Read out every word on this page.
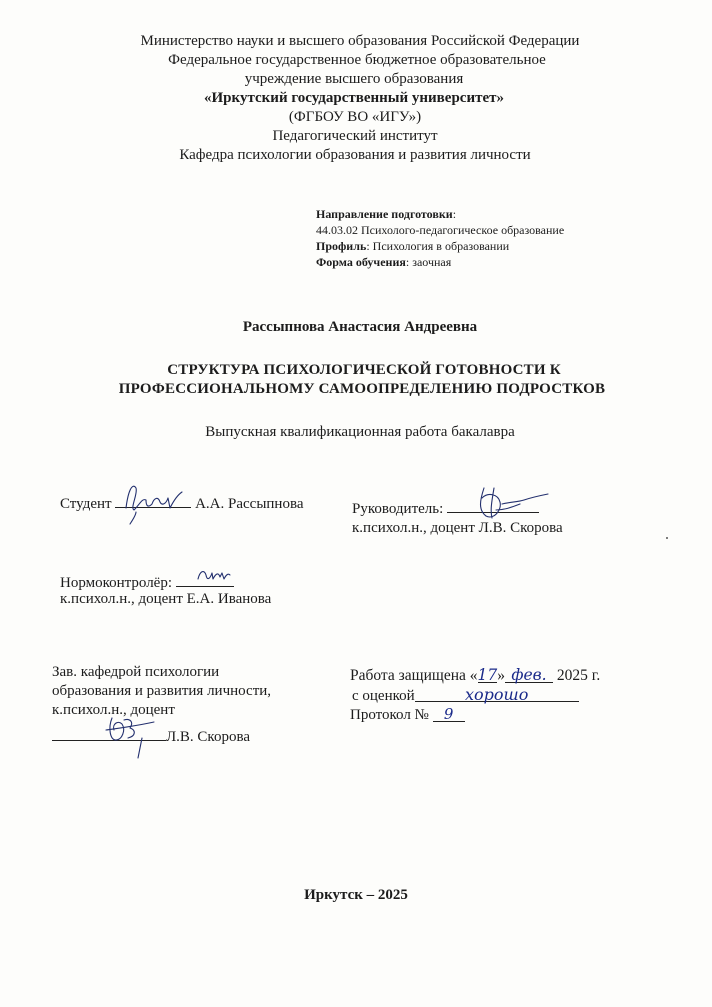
Министерство науки и высшего образования Российской Федерации
Федеральное государственное бюджетное образовательное
учреждение высшего образования
«Иркутский государственный университет»
(ФГБОУ ВО «ИГУ»)
Педагогический институт
Кафедра психологии образования и развития личности
Направление подготовки:
44.03.02 Психолого-педагогическое образование
Профиль: Психология в образовании
Форма обучения: заочная
Рассыпнова Анастасия Андреевна
СТРУКТУРА ПСИХОЛОГИЧЕСКОЙ ГОТОВНОСТИ К
ПРОФЕССИОНАЛЬНОМУ САМООПРЕДЕЛЕНИЮ ПОДРОСТКОВ
Выпускная квалификационная работа бакалавра
Студент	А.А. Рассыпнова	Руководитель:
к.психол.н., доцент Л.В. Скорова
Нормоконтролёр:
к.психол.н., доцент Е.А. Иванова
Зав. кафедрой психологии
образования и развития личности,
к.психол.н., доцент
Л.В. Скорова
Работа защищена «17» фев. 2025 г.
с оценкой	хорошо
Протокол № 9
Иркутск – 2025
